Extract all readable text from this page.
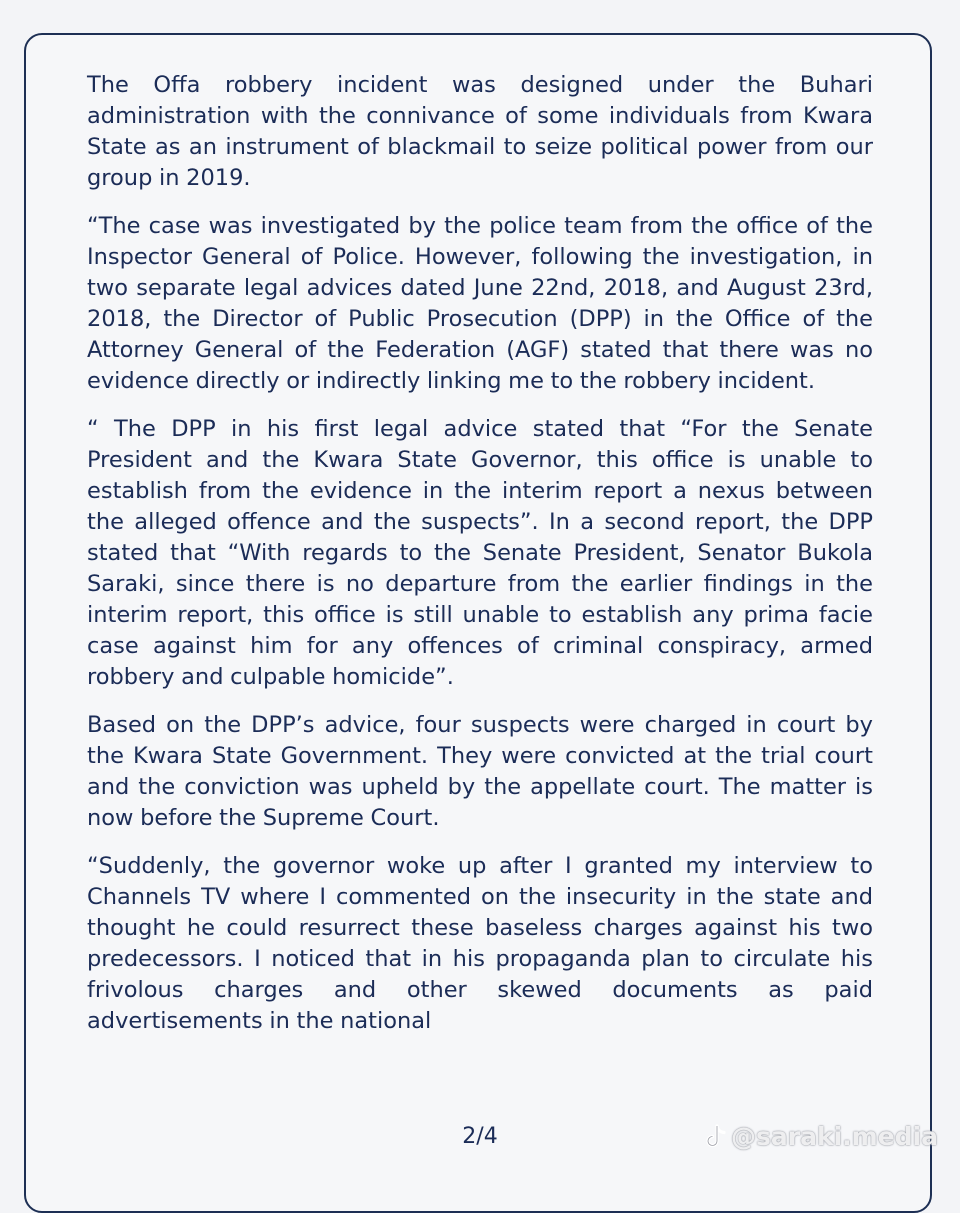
The Offa robbery incident was designed under the Buhari administration with the connivance of some individuals from Kwara State as an instrument of blackmail to seize political power from our group in 2019.

“The case was investigated by the police team from the office of the Inspector General of Police. However, following the investigation, in two separate legal advices dated June 22nd, 2018, and August 23rd, 2018, the Director of Public Prosecution (DPP) in the Office of the Attorney General of the Federation (AGF) stated that there was no evidence directly or indirectly linking me to the robbery incident.

“ The DPP in his first legal advice stated that “For the Senate President and the Kwara State Governor, this office is unable to establish from the evidence in the interim report a nexus between the alleged offence and the suspects”. In a second report, the DPP stated that “With regards to the Senate President, Senator Bukola Saraki, since there is no departure from the earlier findings in the interim report, this office is still unable to establish any prima facie case against him for any offences of criminal conspiracy, armed robbery and culpable homicide”.

Based on the DPP’s advice, four suspects were charged in court by the Kwara State Government. They were convicted at the trial court and the conviction was upheld by the appellate court. The matter is now before the Supreme Court.

“Suddenly, the governor woke up after I granted my interview to Channels TV where I commented on the insecurity in the state and thought he could resurrect these baseless charges against his two predecessors. I noticed that in his propaganda plan to circulate his frivolous charges and other skewed documents as paid advertisements in the national

2/4	@saraki.media
